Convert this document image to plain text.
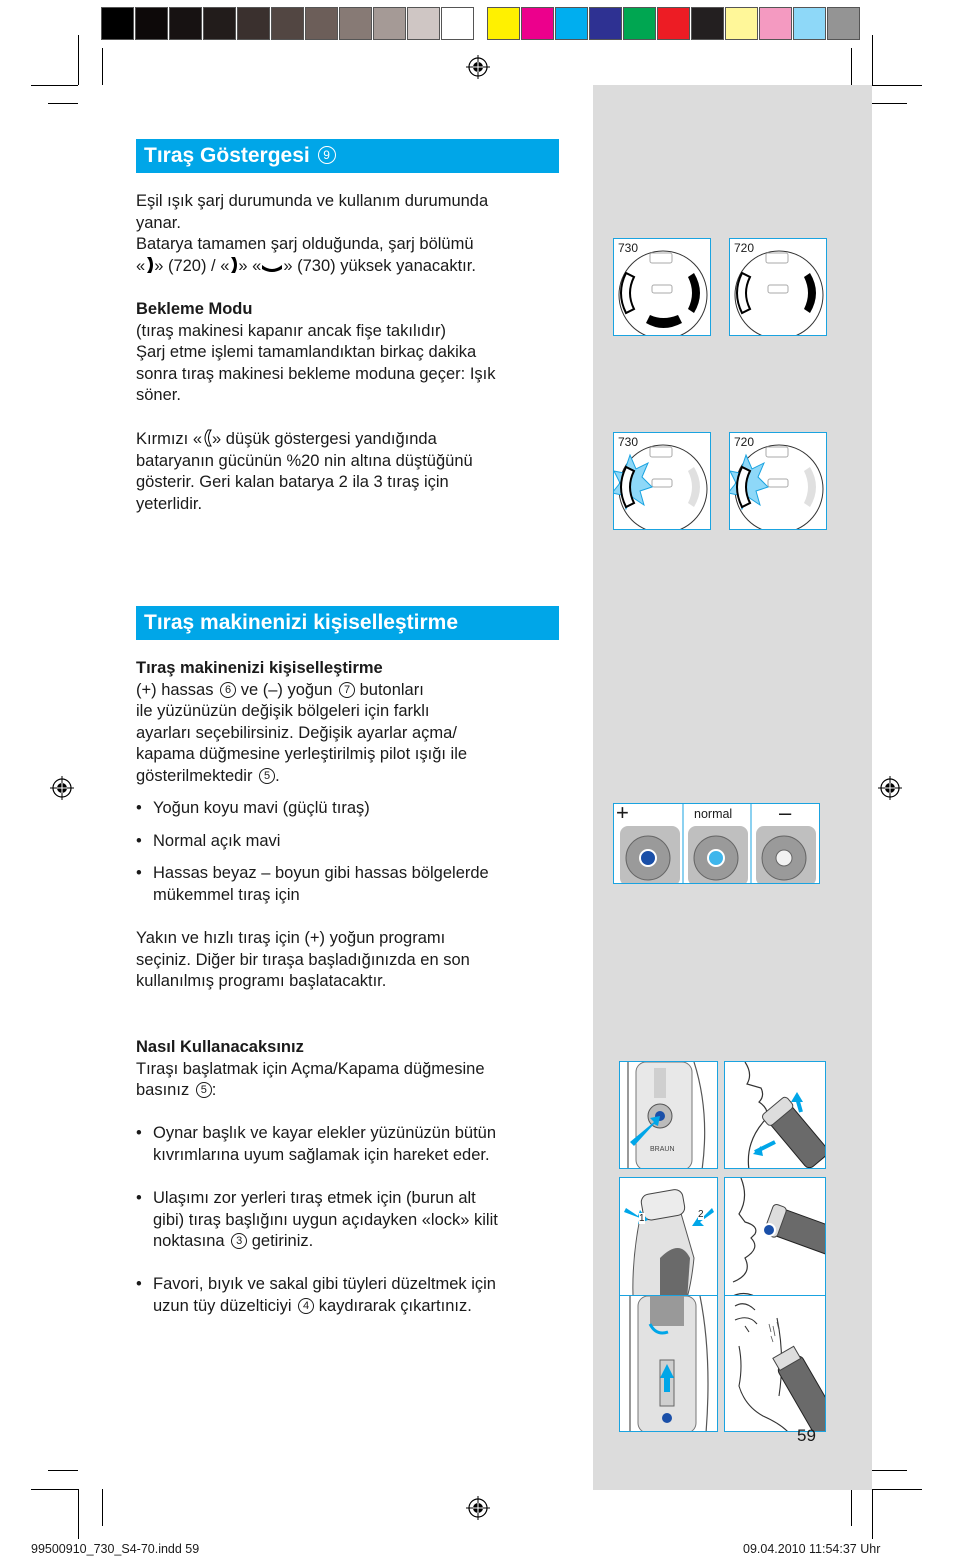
Tıraş Göstergesi 9

Eşil ışık şarj durumunda ve kullanım durumunda

yanar.

Batarya tamamen şarj olduğunda, şarj bölümü

« » (720) / « » « » (730) yüksek yanacaktır.

Bekleme Modu

(tıraş makinesi kapanır ancak fişe takılıdır)

Şarj etme işlemi tamamlandıktan birkaç dakika

sonra tıraş makinesi bekleme moduna geçer: Işık

söner.

Kırmızı « » düşük göstergesi yandığında

bataryanın gücünün %20 nin altına düştüğünü

gösterir. Geri kalan batarya 2 ila 3 tıraş için

yeterlidir.

730	720
730	720
Tıraş makinenizi kişiselleştirme

Tıraş makinenizi kişiselleştirme

(+) hassas 6 ve (–) yoğun 7 butonları

ile yüzünüzün değişik bölgeleri için farklı

ayarları seçebilirsiniz. Değişik ayarlar açma/

kapama düğmesine yerleştirilmiş pilot ışığı ile

gösterilmektedir 5 .

• Yoğun koyu mavi (güçlü tıraş)
• Normal açık mavi
• Hassas beyaz – boyun gibi hassas bölgelerde
mükemmel tıraş için

Yakın ve hızlı tıraş için (+) yoğun programı

seçiniz. Diğer bir tıraşa başladığınızda en son

kullanılmış programı başlatacaktır.

+	normal –

Nasıl Kullanacaksınız

Tıraşı başlatmak için Açma/Kapama düğmesine

basınız 5 :

• Oynar başlık ve kayar elekler yüzünüzün bütün
kıvrımlarına uyum sağlamak için hareket eder.
• Ulaşımı zor yerleri tıraş etmek için (burun alt
gibi) tıraş başlığını uygun açıdayken «lock» kilit
noktasına 3 getiriniz.
• Favori, bıyık ve sakal gibi tüyleri düzeltmek için
uzun tüy düzelticiyi 4 kaydırarak çıkartınız.
BRAUN
1	2
59
99500910_730_S4-70.indd 59	09.04.2010 11:54:37 Uhr
